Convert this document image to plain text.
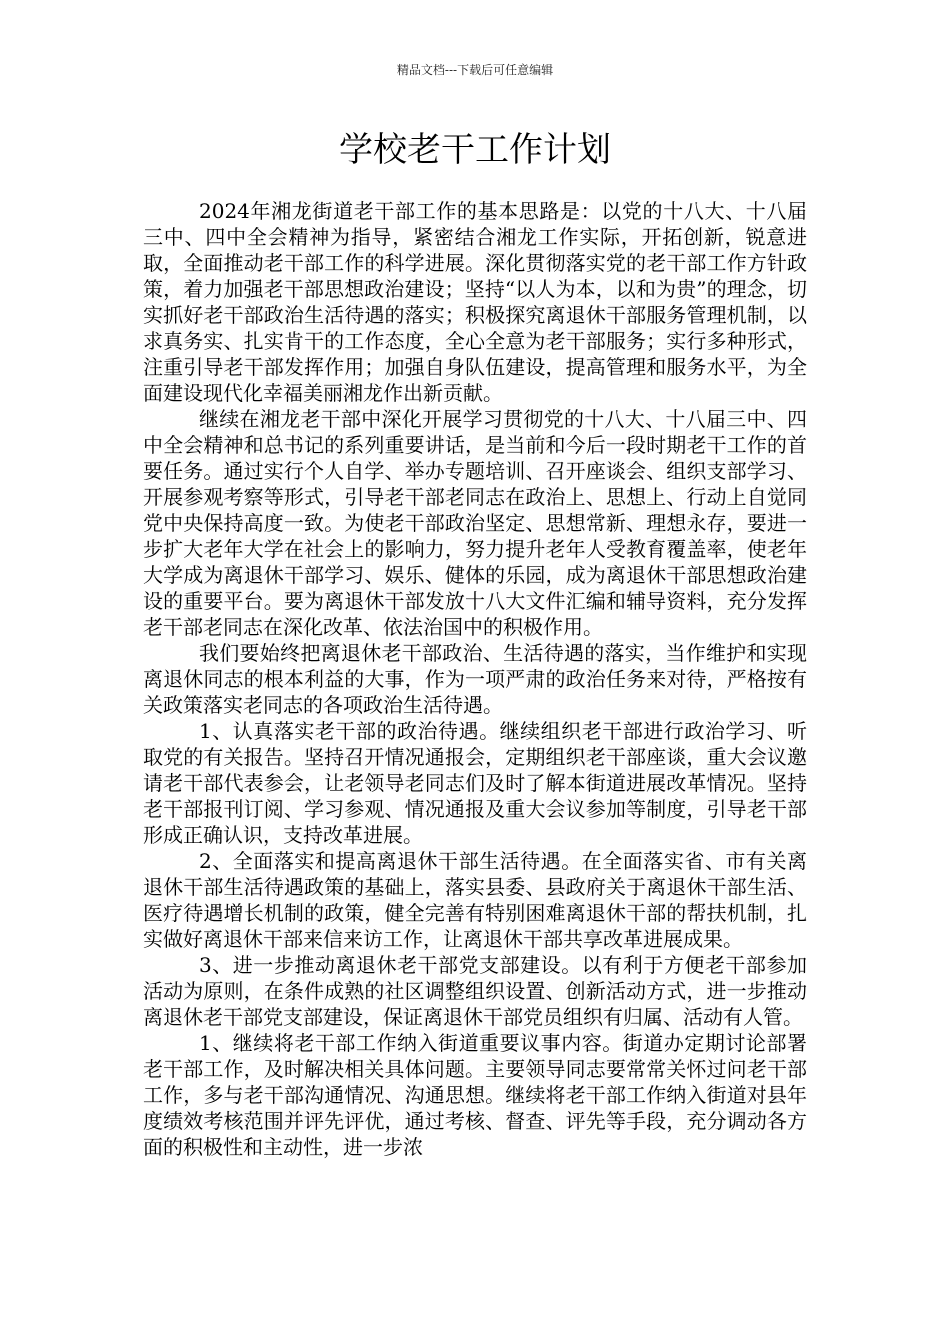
精品文档---下载后可任意编辑
学校老干工作计划

2024年湘龙街道老干部工作的基本思路是：以党的十八大、十八届三中、四中全会精神为指导，紧密结合湘龙工作实际，开拓创新，锐意进取，全面推动老干部工作的科学进展。深化贯彻落实党的老干部工作方针政策，着力加强老干部思想政治建设；坚持“以人为本，以和为贵”的理念，切实抓好老干部政治生活待遇的落实；积极探究离退休干部服务管理机制，以求真务实、扎实肯干的工作态度，全心全意为老干部服务；实行多种形式，注重引导老干部发挥作用；加强自身队伍建设，提高管理和服务水平，为全面建设现代化幸福美丽湘龙作出新贡献。

继续在湘龙老干部中深化开展学习贯彻党的十八大、十八届三中、四中全会精神和总书记的系列重要讲话，是当前和今后一段时期老干工作的首要任务。通过实行个人自学、举办专题培训、召开座谈会、组织支部学习、开展参观考察等形式，引导老干部老同志在政治上、思想上、行动上自觉同党中央保持高度一致。为使老干部政治坚定、思想常新、理想永存，要进一步扩大老年大学在社会上的影响力，努力提升老年人受教育覆盖率，使老年大学成为离退休干部学习、娱乐、健体的乐园，成为离退休干部思想政治建设的重要平台。要为离退休干部发放十八大文件汇编和辅导资料，充分发挥老干部老同志在深化改革、依法治国中的积极作用。

我们要始终把离退休老干部政治、生活待遇的落实，当作维护和实现离退休同志的根本利益的大事，作为一项严肃的政治任务来对待，严格按有关政策落实老同志的各项政治生活待遇。

1、认真落实老干部的政治待遇。继续组织老干部进行政治学习、听取党的有关报告。坚持召开情况通报会，定期组织老干部座谈，重大会议邀请老干部代表参会，让老领导老同志们及时了解本街道进展改革情况。坚持老干部报刊订阅、学习参观、情况通报及重大会议参加等制度，引导老干部形成正确认识，支持改革进展。

2、全面落实和提高离退休干部生活待遇。在全面落实省、市有关离退休干部生活待遇政策的基础上，落实县委、县政府关于离退休干部生活、医疗待遇增长机制的政策，健全完善有特别困难离退休干部的帮扶机制，扎实做好离退休干部来信来访工作，让离退休干部共享改革进展成果。

3、进一步推动离退休老干部党支部建设。以有利于方便老干部参加活动为原则，在条件成熟的社区调整组织设置、创新活动方式，进一步推动离退休老干部党支部建设，保证离退休干部党员组织有归属、活动有人管。

1、继续将老干部工作纳入街道重要议事内容。街道办定期讨论部署老干部工作，及时解决相关具体问题。主要领导同志要常常关怀过问老干部工作，多与老干部沟通情况、沟通思想。继续将老干部工作纳入街道对县年度绩效考核范围并评先评优，通过考核、督查、评先等手段，充分调动各方面的积极性和主动性，进一步浓
